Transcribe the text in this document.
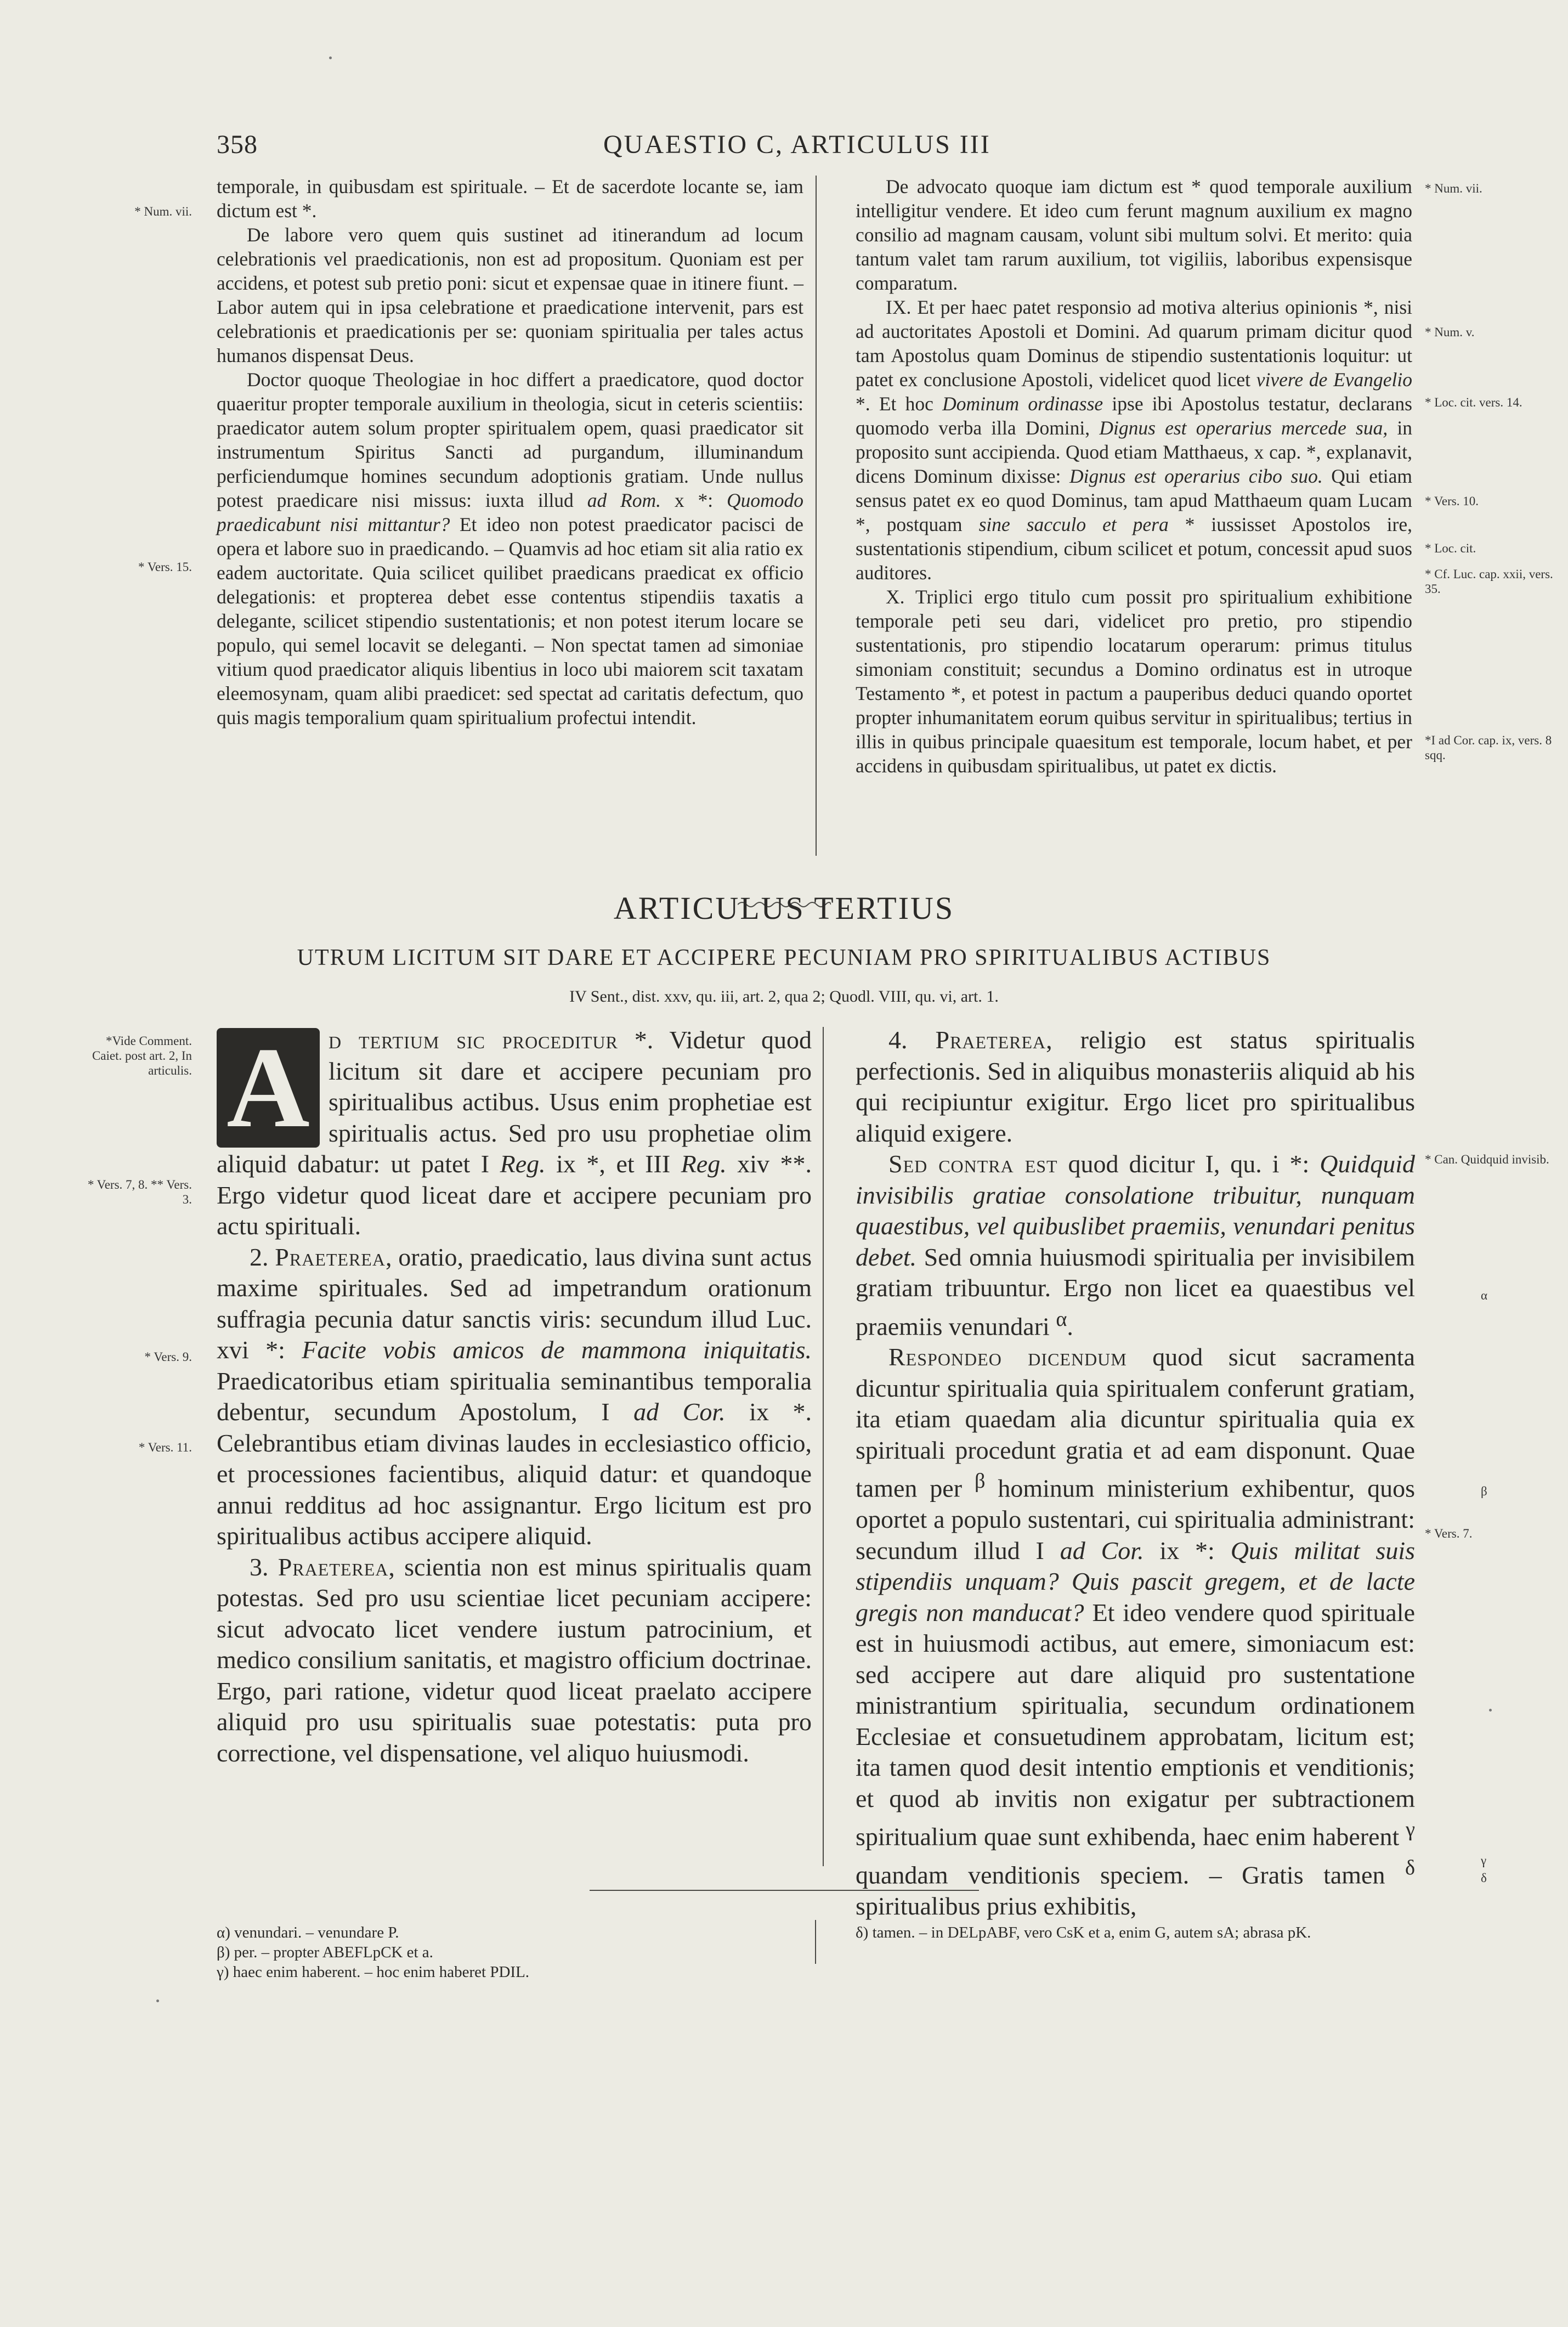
358	QUAESTIO C, ARTICULUS III
* Num. vii.
* Vers. 15.
* Num. vii.
* Num. v.
* Loc. cit. vers. 14.
* Vers. 10.
* Loc. cit.
* Cf. Luc. cap. xxii, vers. 35.
*I ad Cor. cap. ix, vers. 8 sqq.

temporale, in quibusdam est spirituale. – Et de sacerdote locante se, iam dictum est *.

De labore vero quem quis sustinet ad itinerandum ad locum celebrationis vel praedicationis, non est ad propositum. Quoniam est per accidens, et potest sub pretio poni: sicut et expensae quae in itinere fiunt. – Labor autem qui in ipsa celebratione et praedicatione intervenit, pars est celebrationis et praedicationis per se: quoniam spiritualia per tales actus humanos dispensat Deus.

Doctor quoque Theologiae in hoc differt a praedicatore, quod doctor quaeritur propter temporale auxilium in theologia, sicut in ceteris scientiis: praedicator autem solum propter spiritualem opem, quasi praedicator sit instrumentum Spiritus Sancti ad purgandum, illuminandum perficiendumque homines secundum adoptionis gratiam. Unde nullus potest praedicare nisi missus: iuxta illud ad Rom. x *: Quomodo praedicabunt nisi mittantur? Et ideo non potest praedicator pacisci de opera et labore suo in praedicando. – Quamvis ad hoc etiam sit alia ratio ex eadem auctoritate. Quia scilicet quilibet praedicans praedicat ex officio delegationis: et propterea debet esse contentus stipendiis taxatis a delegante, scilicet stipendio sustentationis; et non potest iterum locare se populo, qui semel locavit se deleganti. – Non spectat tamen ad simoniae vitium quod praedicator aliquis libentius in loco ubi maiorem scit taxatam eleemosynam, quam alibi praedicet: sed spectat ad caritatis defectum, quo quis magis temporalium quam spiritualium profectui intendit.

De advocato quoque iam dictum est * quod temporale auxilium intelligitur vendere. Et ideo cum ferunt magnum auxilium ex magno consilio ad magnam causam, volunt sibi multum solvi. Et merito: quia tantum valet tam rarum auxilium, tot vigiliis, laboribus expensisque comparatum.

IX. Et per haec patet responsio ad motiva alterius opinionis *, nisi ad auctoritates Apostoli et Domini. Ad quarum primam dicitur quod tam Apostolus quam Dominus de stipendio sustentationis loquitur: ut patet ex conclusione Apostoli, videlicet quod licet vivere de Evangelio *. Et hoc Dominum ordinasse ipse ibi Apostolus testatur, declarans quomodo verba illa Domini, Dignus est operarius mercede sua, in proposito sunt accipienda. Quod etiam Matthaeus, x cap. *, explanavit, dicens Dominum dixisse: Dignus est operarius cibo suo. Qui etiam sensus patet ex eo quod Dominus, tam apud Matthaeum quam Lucam *, postquam sine sacculo et pera * iussisset Apostolos ire, sustentationis stipendium, cibum scilicet et potum, concessit apud suos auditores.

X. Triplici ergo titulo cum possit pro spiritualium exhibitione temporale peti seu dari, videlicet pro pretio, pro stipendio sustentationis, pro stipendio locatarum operarum: primus titulus simoniam constituit; secundus a Domino ordinatus est in utroque Testamento *, et potest in pactum a pauperibus deduci quando oportet propter inhumanitatem eorum quibus servitur in spiritualibus; tertius in illis in quibus principale quaesitum est temporale, locum habet, et per accidens in quibusdam spiritualibus, ut patet ex dictis.

ARTICULUS TERTIUS
UTRUM LICITUM SIT DARE ET ACCIPERE PECUNIAM PRO SPIRITUALIBUS ACTIBUS
IV Sent., dist. xxv, qu. iii, art. 2, qua 2; Quodl. VIII, qu. vi, art. 1.
*Vide Comment. Caiet. post art. 2, In articulis.
* Vers. 7, 8. ** Vers. 3.
* Vers. 9.
* Vers. 11.
* Can. Quidquid invisib.
α
β
* Vers. 7.
γ
δ

A d tertium sic proceditur *. Videtur quod licitum sit dare et accipere pecuniam pro spiritualibus actibus. Usus enim prophetiae est spiritualis actus. Sed pro usu prophetiae olim aliquid dabatur: ut patet I Reg. ix *, et III Reg. xiv **. Ergo videtur quod liceat dare et accipere pecuniam pro actu spirituali.

2. Praeterea, oratio, praedicatio, laus divina sunt actus maxime spirituales. Sed ad impetrandum orationum suffragia pecunia datur sanctis viris: secundum illud Luc. xvi *: Facite vobis amicos de mammona iniquitatis. Praedicatoribus etiam spiritualia seminantibus temporalia debentur, secundum Apostolum, I ad Cor. ix *. Celebrantibus etiam divinas laudes in ecclesiastico officio, et processiones facientibus, aliquid datur: et quandoque annui redditus ad hoc assignantur. Ergo licitum est pro spiritualibus actibus accipere aliquid.

3. Praeterea, scientia non est minus spiritualis quam potestas. Sed pro usu scientiae licet pecuniam accipere: sicut advocato licet vendere iustum patrocinium, et medico consilium sanitatis, et magistro officium doctrinae. Ergo, pari ratione, videtur quod liceat praelato accipere aliquid pro usu spiritualis suae potestatis: puta pro correctione, vel dispensatione, vel aliquo huiusmodi.

4. Praeterea, religio est status spiritualis perfectionis. Sed in aliquibus monasteriis aliquid ab his qui recipiuntur exigitur. Ergo licet pro spiritualibus aliquid exigere.

Sed contra est quod dicitur I, qu. i *: Quidquid invisibilis gratiae consolatione tribuitur, nunquam quaestibus, vel quibuslibet praemiis, venundari penitus debet. Sed omnia huiusmodi spiritualia per invisibilem gratiam tribuuntur. Ergo non licet ea quaestibus vel praemiis venundari $^\alpha$.

Respondeo dicendum quod sicut sacramenta dicuntur spiritualia quia spiritualem conferunt gratiam, ita etiam quaedam alia dicuntur spiritualia quia ex spirituali procedunt gratia et ad eam disponunt. Quae tamen per $^\beta$ hominum ministerium exhibentur, quos oportet a populo sustentari, cui spiritualia administrant: secundum illud I ad Cor. ix *: Quis militat suis stipendiis unquam? Quis pascit gregem, et de lacte gregis non manducat? Et ideo vendere quod spirituale est in huiusmodi actibus, aut emere, simoniacum est: sed accipere aut dare aliquid pro sustentatione ministrantium spiritualia, secundum ordinationem Ecclesiae et consuetudinem approbatam, licitum est; ita tamen quod desit intentio emptionis et venditionis; et quod ab invitis non exigatur per subtractionem spiritualium quae sunt exhibenda, haec enim haberent $^\gamma$ quandam venditionis speciem. – Gratis tamen $^\delta$ spiritualibus prius exhibitis,

α) venundari. – venundare P.
β) per. – propter ABEFLpCK et a.
γ) haec enim haberent. – hoc enim haberet PDIL.
δ) tamen. – in DELpABF, vero CsK et a, enim G, autem sA; abrasa pK.
